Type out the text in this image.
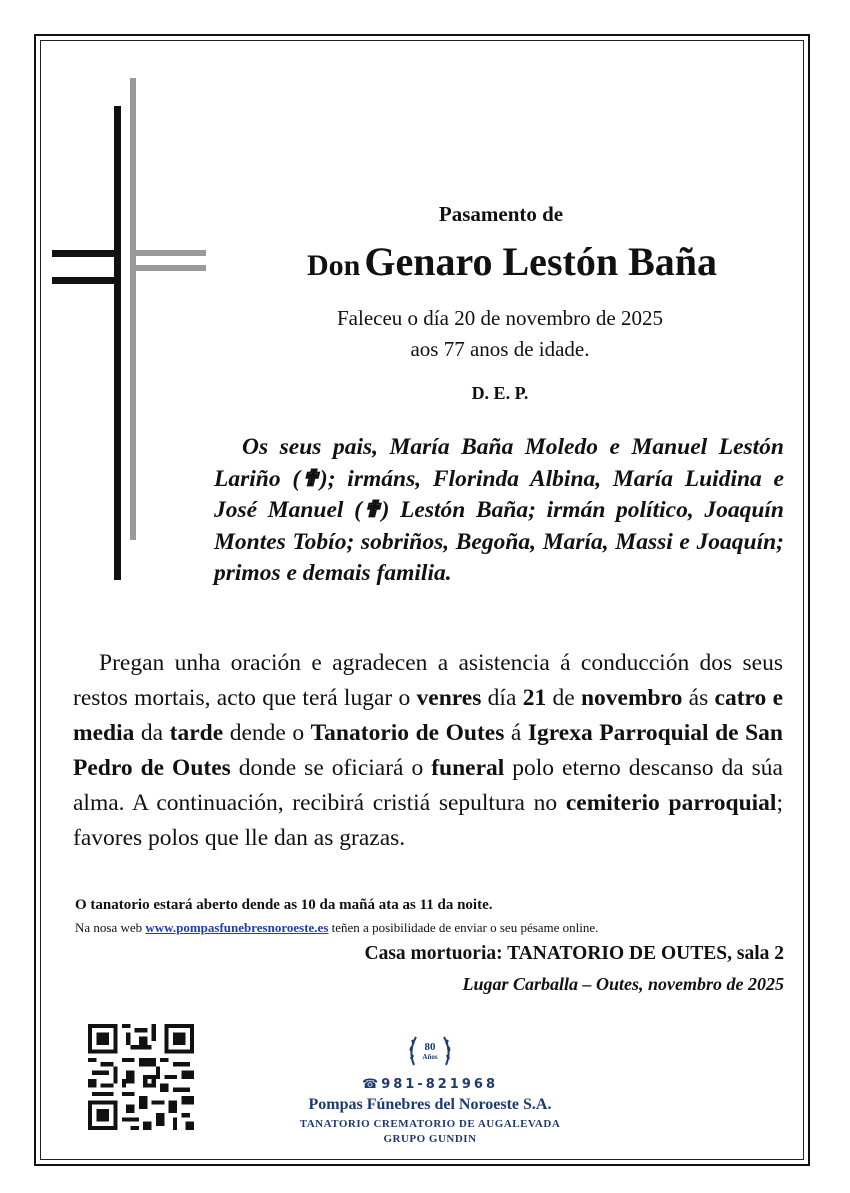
Pasamento de
Don Genaro Lestón Baña
Faleceu o día 20 de novembro de 2025
aos 77 anos de idade.
D. E. P.
Os seus pais, María Baña Moledo e Manuel Lestón Lariño (✟); irmáns, Florinda Albina, María Luidina e José Manuel (✟) Lestón Baña; irmán político, Joaquín Montes Tobío; sobriños, Begoña, María, Massi e Joaquín; primos e demais familia.
Pregan unha oración e agradecen a asistencia á conducción dos seus restos mortais, acto que terá lugar o venres día 21 de novembro ás catro e media da tarde dende o Tanatorio de Outes á Igrexa Parroquial de San Pedro de Outes donde se oficiará o funeral polo eterno descanso da súa alma. A continuación, recibirá cristiá sepultura no cemiterio parroquial; favores polos que lle dan as grazas.
O tanatorio estará aberto dende as 10 da mañá ata as 11 da noite.
Na nosa web www.pompasfunebresnoroeste.es teñen a posibilidade de enviar o seu pésame online.
Casa mortuoria: TANATORIO DE OUTES, sala 2
Lugar Carballa – Outes, novembro de 2025
80
Años
☎981-821968
Pompas Fúnebres del Noroeste S.A.
TANATORIO CREMATORIO DE AUGALEVADA
GRUPO GUNDIN
